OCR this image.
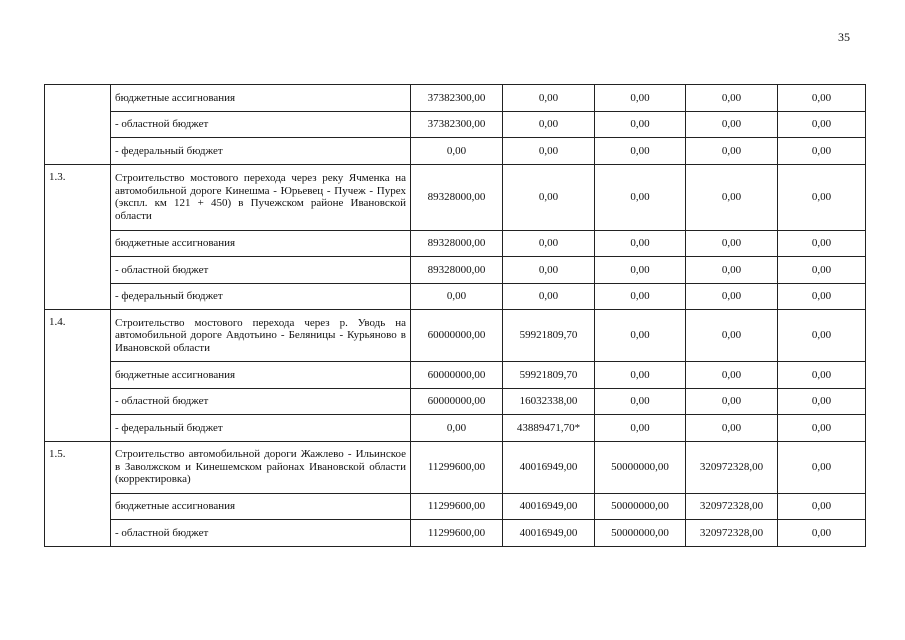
35
	бюджетные ассигнования	37382300,00	0,00	0,00	0,00	0,00
	- областной бюджет	37382300,00	0,00	0,00	0,00	0,00
	- федеральный бюджет	0,00	0,00	0,00	0,00	0,00
1.3.	Строительство мостового перехода через реку Ячменка на автомобильной дороге Кинешма - Юрьевец - Пучеж - Пурех (экспл. км 121 + 450) в Пучежском районе Ивановской области	89328000,00	0,00	0,00	0,00	0,00
	бюджетные ассигнования	89328000,00	0,00	0,00	0,00	0,00
	- областной бюджет	89328000,00	0,00	0,00	0,00	0,00
	- федеральный бюджет	0,00	0,00	0,00	0,00	0,00
1.4.	Строительство мостового перехода через р. Уводь на автомобильной дороге Авдотьино - Беляницы - Курьяново в Ивановской области	60000000,00	59921809,70	0,00	0,00	0,00
	бюджетные ассигнования	60000000,00	59921809,70	0,00	0,00	0,00
	- областной бюджет	60000000,00	16032338,00	0,00	0,00	0,00
	- федеральный бюджет	0,00	43889471,70*	0,00	0,00	0,00
1.5.	Строительство автомобильной дороги Жажлево - Ильинское в Заволжском и Кинешемском районах Ивановской области (корректировка)	11299600,00	40016949,00	50000000,00	320972328,00	0,00
	бюджетные ассигнования	11299600,00	40016949,00	50000000,00	320972328,00	0,00
	- областной бюджет	11299600,00	40016949,00	50000000,00	320972328,00	0,00
